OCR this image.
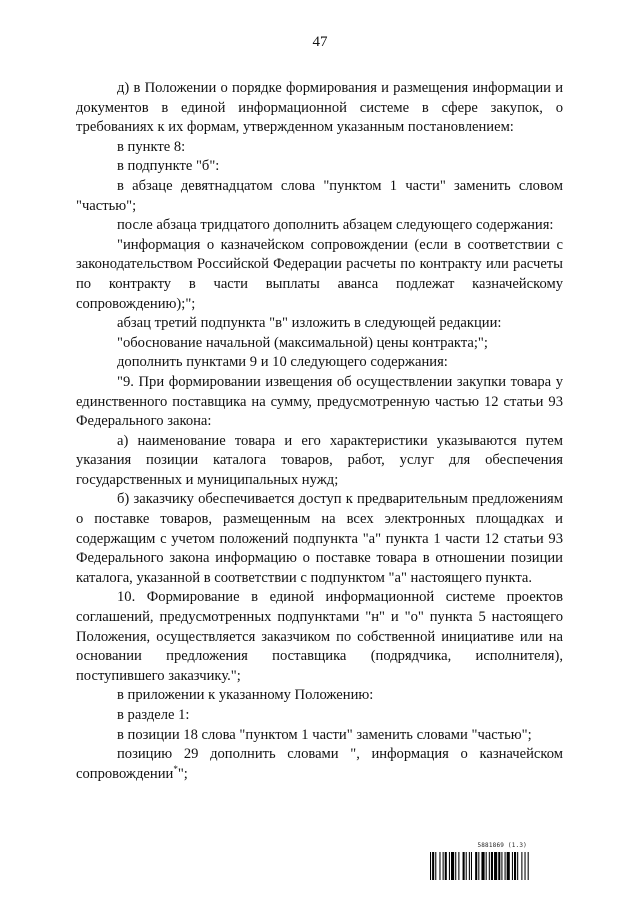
47

д) в Положении о порядке формирования и размещения информации и документов в единой информационной системе в сфере закупок, о требованиях к их формам, утвержденном указанным постановлением:

в пункте 8:

в подпункте "б":

в абзаце девятнадцатом слова "пунктом 1 части" заменить словом "частью";

после абзаца тридцатого дополнить абзацем следующего содержания:

"информация о казначейском сопровождении (если в соответствии с законодательством Российской Федерации расчеты по контракту или расчеты по контракту в части выплаты аванса подлежат казначейскому сопровождению);";

абзац третий подпункта "в" изложить в следующей редакции:

"обоснование начальной (максимальной) цены контракта;";

дополнить пунктами 9 и 10 следующего содержания:

"9. При формировании извещения об осуществлении закупки товара у единственного поставщика на сумму, предусмотренную частью 12 статьи 93 Федерального закона:

а) наименование товара и его характеристики указываются путем указания позиции каталога товаров, работ, услуг для обеспечения государственных и муниципальных нужд;

б) заказчику обеспечивается доступ к предварительным предложениям о поставке товаров, размещенным на всех электронных площадках и содержащим с учетом положений подпункта "а" пункта 1 части 12 статьи 93 Федерального закона информацию о поставке товара в отношении позиции каталога, указанной в соответствии с подпунктом "а" настоящего пункта.

10. Формирование в единой информационной системе проектов соглашений, предусмотренных подпунктами "н" и "о" пункта 5 настоящего Положения, осуществляется заказчиком по собственной инициативе или на основании предложения поставщика (подрядчика, исполнителя), поступившего заказчику.";

в приложении к указанному Положению:

в разделе 1:

в позиции 18 слова "пунктом 1 части" заменить словами "частью";

позицию 29 дополнить словами ", информация о казначейском сопровождении*";

5881869 (1.3)
